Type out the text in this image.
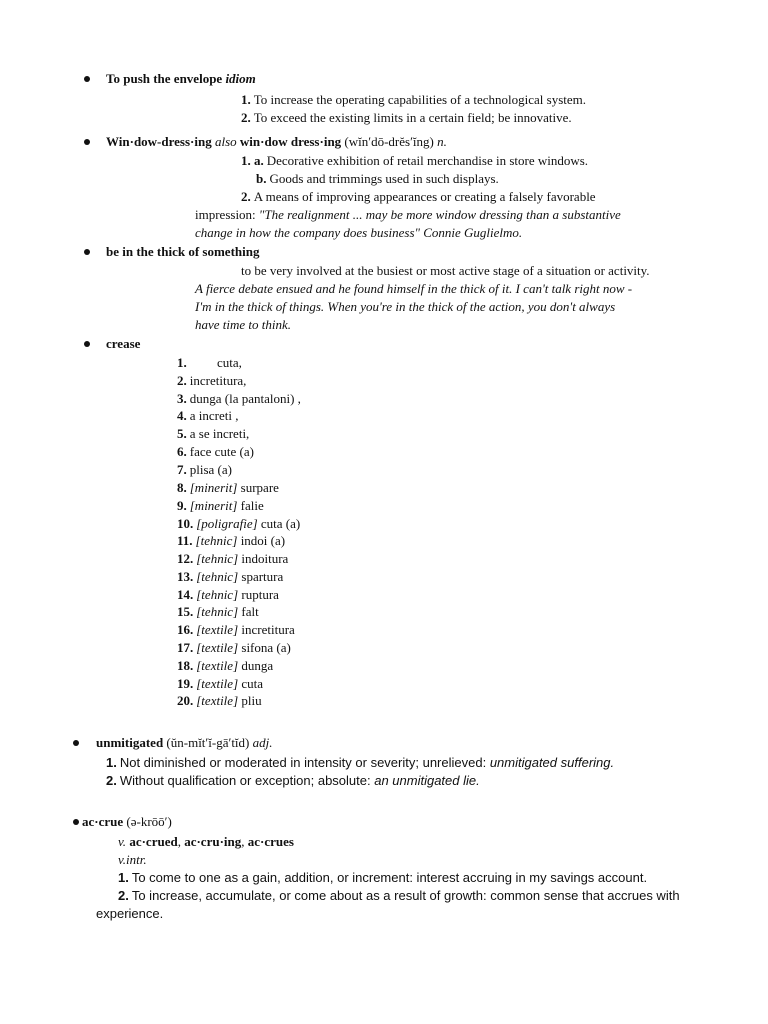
To push the envelope idiom
1. To increase the operating capabilities of a technological system.
2. To exceed the existing limits in a certain field; be innovative.
Win·dow-dress·ing also win·dow dress·ing (wĭnʹdō-drĕsʹĭng) n.
1. a. Decorative exhibition of retail merchandise in store windows.
b. Goods and trimmings used in such displays.
2. A means of improving appearances or creating a falsely favorable
impression: "The realignment ... may be more window dressing than a substantive
change in how the company does business" Connie Guglielmo.
be in the thick of something
to be very involved at the busiest or most active stage of a situation or activity.
A fierce debate ensued and he found himself in the thick of it. I can't talk right now -
I'm in the thick of things. When you're in the thick of the action, you don't always
have time to think.
crease
1. cuta,
2. incretitura,
3. dunga (la pantaloni) ,
4. a increti ,
5. a se increti,
6. face cute (a)
7. plisa (a)
8. [minerit] surpare
9. [minerit] falie
10. [poligrafie] cuta (a)
11. [tehnic] indoi (a)
12. [tehnic] indoitura
13. [tehnic] spartura
14. [tehnic] ruptura
15. [tehnic] falt
16. [textile] incretitura
17. [textile] sifona (a)
18. [textile] dunga
19. [textile] cuta
20. [textile] pliu
unmitigated (ŭn-mĭtʹĭ-gāʹtĭd) adj.
1. Not diminished or moderated in intensity or severity; unrelieved: unmitigated suffering.
2. Without qualification or exception; absolute: an unmitigated lie.
ac·crue (ə-krōōʹ)
v. ac·crued, ac·cru·ing, ac·crues
v.intr.
1. To come to one as a gain, addition, or increment: interest accruing in my savings account.
2. To increase, accumulate, or come about as a result of growth: common sense that accrues with
experience.
